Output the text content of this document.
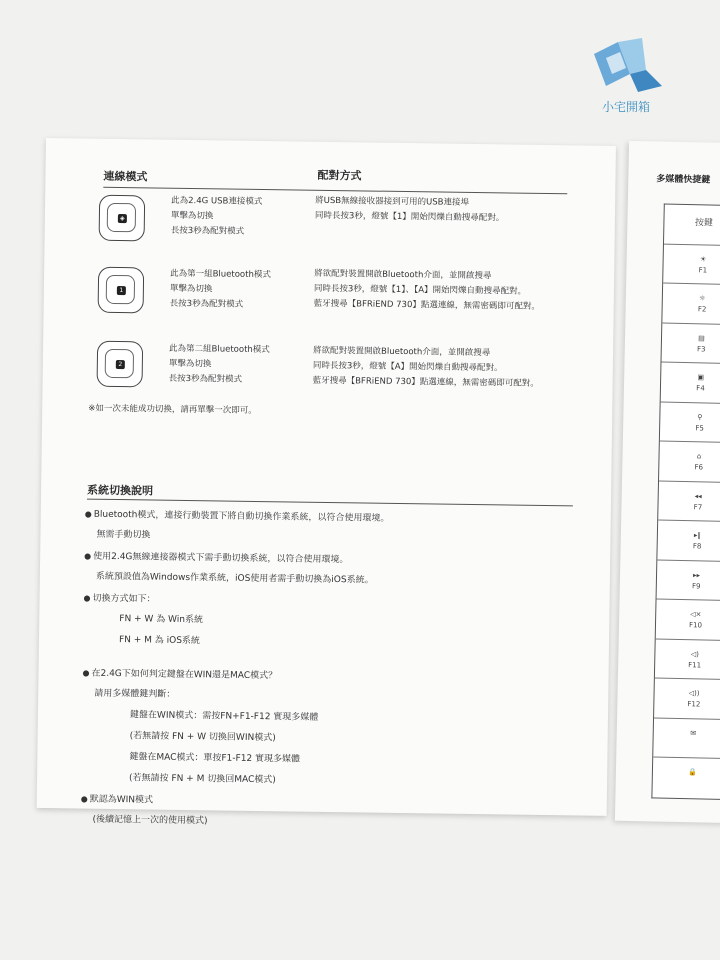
小宅開箱
連線模式	配對方式
◈
此為2.4G USB連接模式
單擊為切換
長按3秒為配對模式
將USB無線接收器接到可用的USB連接埠
同時長按3秒，燈號【1】開始閃爍自動搜尋配對。
1
此為第一組Bluetooth模式
單擊為切換
長按3秒為配對模式
將欲配對裝置開啟Bluetooth介面，並開啟搜尋
同時長按3秒，燈號【1】、【A】開始閃爍自動搜尋配對。
藍牙搜尋【BFRiEND 730】點選連線，無需密碼即可配對。
2
此為第二組Bluetooth模式
單擊為切換
長按3秒為配對模式
將欲配對裝置開啟Bluetooth介面，並開啟搜尋
同時長按3秒，燈號【A】開始閃爍自動搜尋配對。
藍牙搜尋【BFRiEND 730】點選連線，無需密碼即可配對。
※如一次未能成功切換，請再單擊一次即可。
系統切換說明
● Bluetooth模式，連接行動裝置下將自動切換作業系統，以符合使用環境。
無需手動切換
● 使用2.4G無線連接器模式下需手動切換系統，以符合使用環境。
系統預設值為Windows作業系統，iOS使用者需手動切換為iOS系統。
● 切換方式如下：
FN + W 為 Win系統
FN + M 為 iOS系統
● 在2.4G下如何判定鍵盤在WIN還是MAC模式？
請用多媒體鍵判斷：
鍵盤在WIN模式：需按FN+F1-F12 實現多媒體
(若無請按 FN + W 切換回WIN模式)
鍵盤在MAC模式：單按F1-F12 實現多媒體
(若無請按 FN + M 切換回MAC模式)
● 默認為WIN模式
(後續記憶上一次的使用模式)
多媒體快捷鍵
按鍵
☀
F1
☼
F2
▤
F3
▣
F4
⚲
F5
⌂
F6
◂◂
F7
▸‖
F8
▸▸
F9
◁×
F10
◁)
F11
◁))
F12
✉
🔒
